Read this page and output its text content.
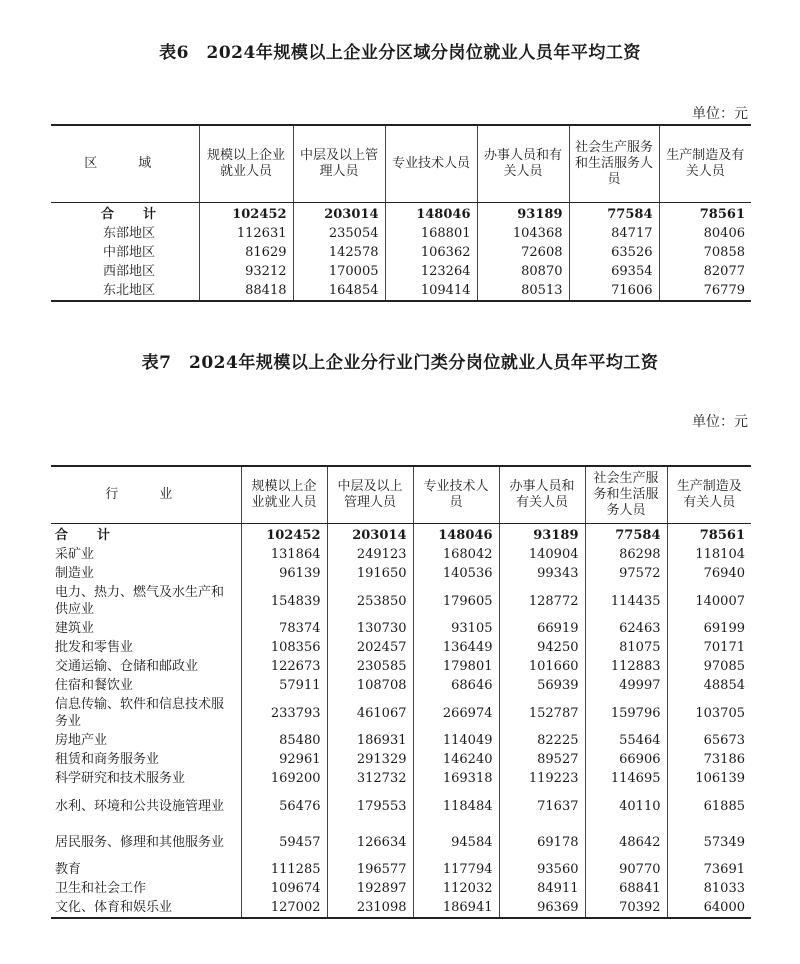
表6　2024年规模以上企业分区域分岗位就业人员年平均工资
单位：元
区　域	规模以上企业就业人员	中层及以上管理人员	专业技术人员	办事人员和有关人员	社会生产服务和生活服务人员	生产制造及有关人员
合　计	102452	203014	148046	93189	77584	78561
东部地区	112631	235054	168801	104368	84717	80406
中部地区	81629	142578	106362	72608	63526	70858
西部地区	93212	170005	123264	80870	69354	82077
东北地区	88418	164854	109414	80513	71606	76779
表7　2024年规模以上企业分行业门类分岗位就业人员年平均工资
单位：元
行　业	规模以上企业就业人员	中层及以上管理人员	专业技术人员	办事人员和有关人员	社会生产服务和生活服务人员	生产制造及有关人员
合　计	102452	203014	148046	93189	77584	78561
采矿业	131864	249123	168042	140904	86298	118104
制造业	96139	191650	140536	99343	97572	76940
电力、热力、燃气及水生产和供应业	154839	253850	179605	128772	114435	140007
建筑业	78374	130730	93105	66919	62463	69199
批发和零售业	108356	202457	136449	94250	81075	70171
交通运输、仓储和邮政业	122673	230585	179801	101660	112883	97085
住宿和餐饮业	57911	108708	68646	56939	49997	48854
信息传输、软件和信息技术服务业	233793	461067	266974	152787	159796	103705
房地产业	85480	186931	114049	82225	55464	65673
租赁和商务服务业	92961	291329	146240	89527	66906	73186
科学研究和技术服务业	169200	312732	169318	119223	114695	106139
水利、环境和公共设施管理业	56476	179553	118484	71637	40110	61885
居民服务、修理和其他服务业	59457	126634	94584	69178	48642	57349
教育	111285	196577	117794	93560	90770	73691
卫生和社会工作	109674	192897	112032	84911	68841	81033
文化、体育和娱乐业	127002	231098	186941	96369	70392	64000
